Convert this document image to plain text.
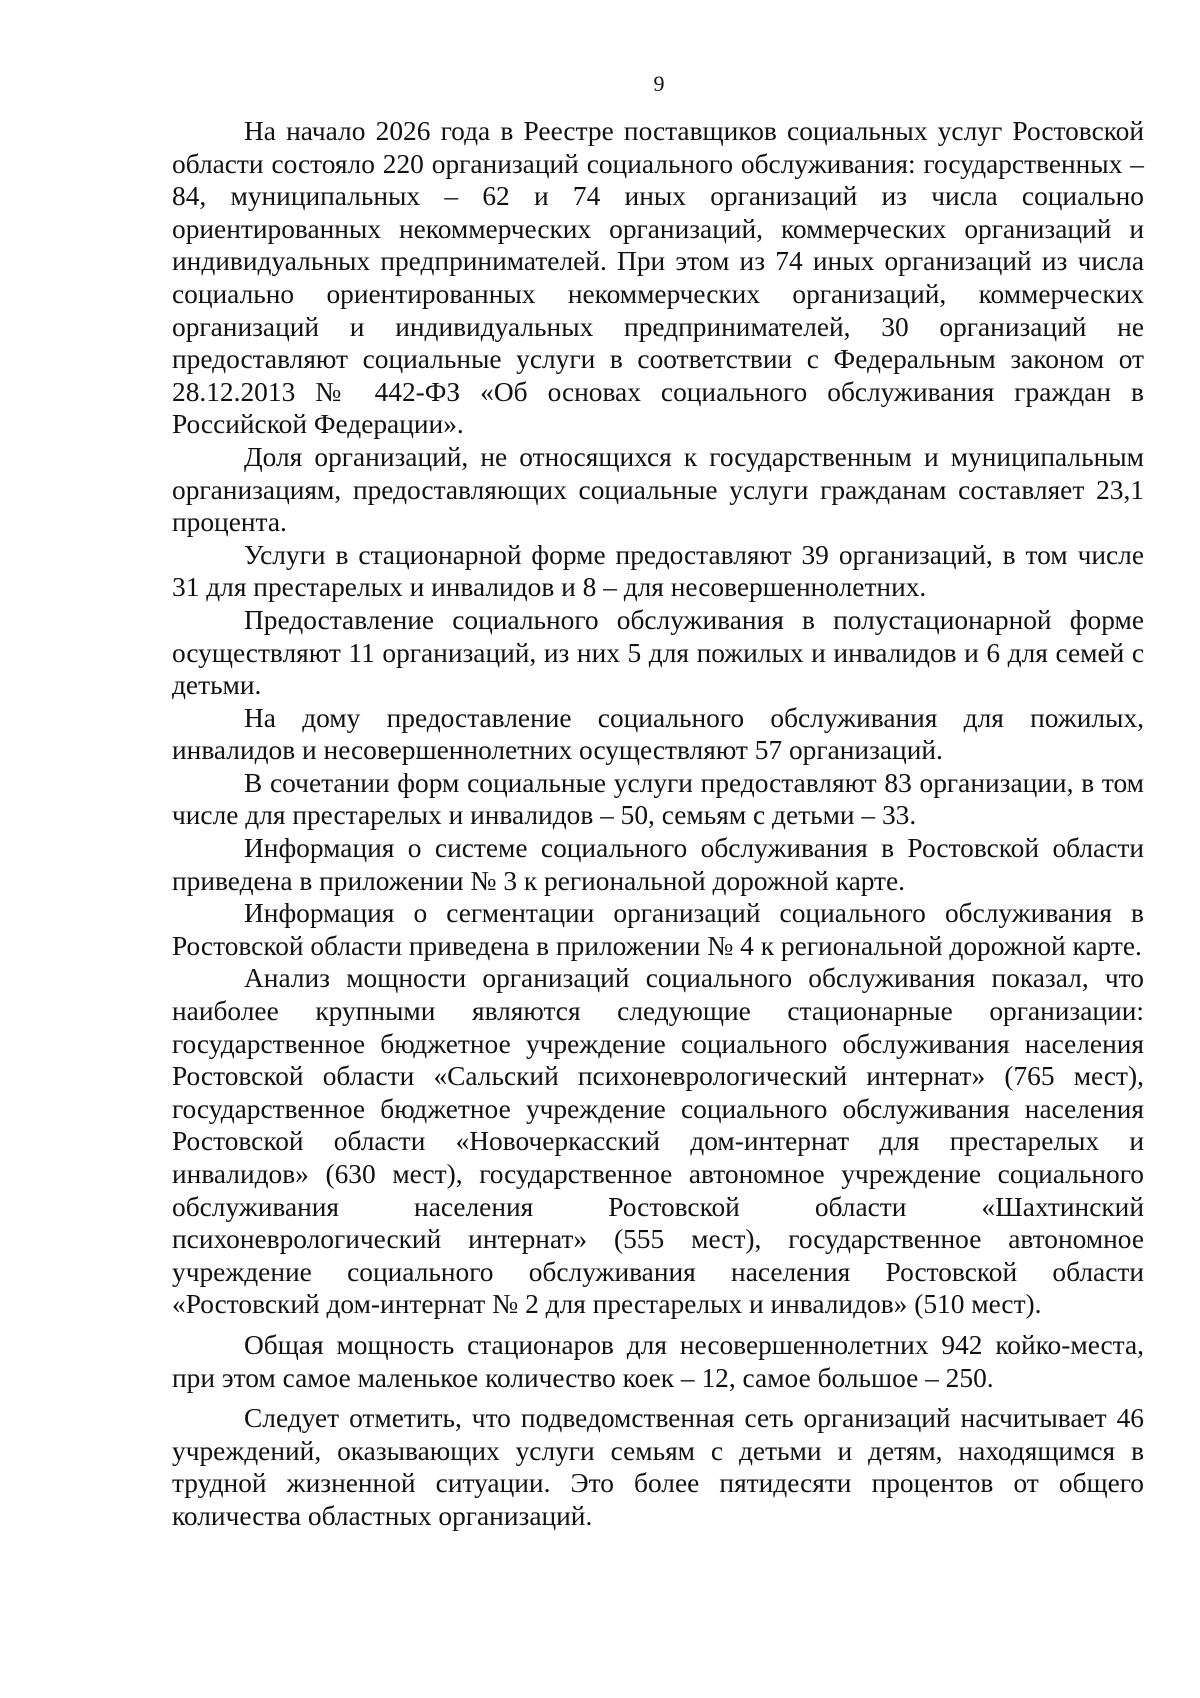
9

На начало 2026 года в Реестре поставщиков социальных услуг Ростовской области состояло 220 организаций социального обслуживания: государственных – 84, муниципальных – 62 и 74 иных организаций из числа социально ориентированных некоммерческих организаций, коммерческих организаций и индивидуальных предпринимателей. При этом из 74 иных организаций из числа социально ориентированных некоммерческих организаций, коммерческих организаций и индивидуальных предпринимателей, 30 организаций не предоставляют социальные услуги в соответствии с Федеральным законом от 28.12.2013 № 442-ФЗ «Об основах социального обслуживания граждан в Российской Федерации».

Доля организаций, не относящихся к государственным и муниципальным организациям, предоставляющих социальные услуги гражданам составляет 23,1 процента.

Услуги в стационарной форме предоставляют 39 организаций, в том числе 31 для престарелых и инвалидов и 8 – для несовершеннолетних.

Предоставление социального обслуживания в полустационарной форме осуществляют 11 организаций, из них 5 для пожилых и инвалидов и 6 для семей с детьми.

На дому предоставление социального обслуживания для пожилых, инвалидов и несовершеннолетних осуществляют 57 организаций.

В сочетании форм социальные услуги предоставляют 83 организации, в том числе для престарелых и инвалидов – 50, семьям с детьми – 33.

Информация о системе социального обслуживания в Ростовской области приведена в приложении № 3 к региональной дорожной карте.

Информация о сегментации организаций социального обслуживания в Ростовской области приведена в приложении № 4 к региональной дорожной карте.

Анализ мощности организаций социального обслуживания показал, что наиболее крупными являются следующие стационарные организации: государственное бюджетное учреждение социального обслуживания населения Ростовской области «Сальский психоневрологический интернат» (765 мест), государственное бюджетное учреждение социального обслуживания населения Ростовской области «Новочеркасский дом-интернат для престарелых и инвалидов» (630 мест), государственное автономное учреждение социального обслуживания населения Ростовской области «Шахтинский психоневрологический интернат» (555 мест), государственное автономное учреждение социального обслуживания населения Ростовской области «Ростовский дом-интернат № 2 для престарелых и инвалидов» (510 мест).

Общая мощность стационаров для несовершеннолетних 942 койко-места, при этом самое маленькое количество коек – 12, самое большое – 250.

Следует отметить, что подведомственная сеть организаций насчитывает 46 учреждений, оказывающих услуги семьям с детьми и детям, находящимся в трудной жизненной ситуации. Это более пятидесяти процентов от общего количества областных организаций.
